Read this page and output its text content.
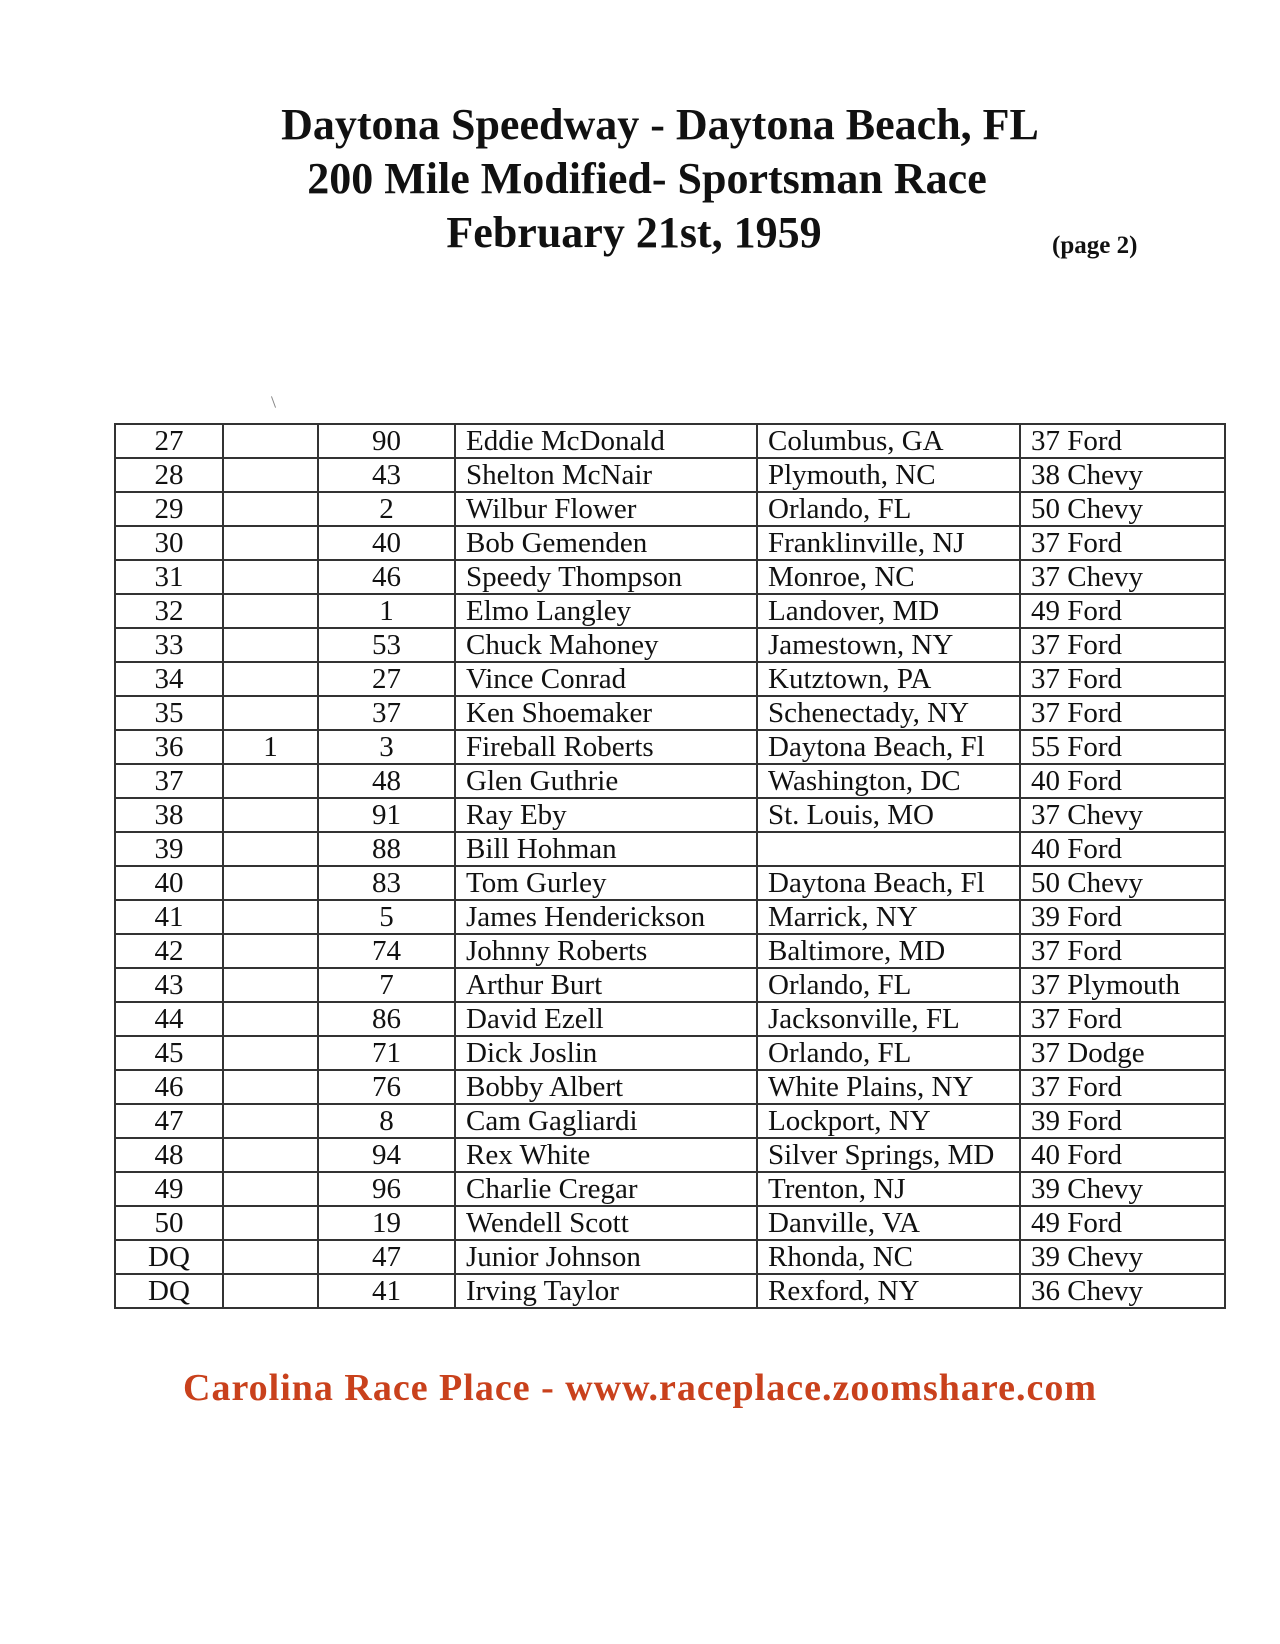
Daytona Speedway - Daytona Beach, FL
200 Mile Modified- Sportsman Race
February 21st, 1959	(page 2)
27		90	Eddie McDonald	Columbus, GA	37 Ford
28		43	Shelton McNair	Plymouth, NC	38 Chevy
29		2	Wilbur Flower	Orlando, FL	50 Chevy
30		40	Bob Gemenden	Franklinville, NJ	37 Ford
31		46	Speedy Thompson	Monroe, NC	37 Chevy
32		1	Elmo Langley	Landover, MD	49 Ford
33		53	Chuck Mahoney	Jamestown, NY	37 Ford
34		27	Vince Conrad	Kutztown, PA	37 Ford
35		37	Ken Shoemaker	Schenectady, NY	37 Ford
36	1	3	Fireball Roberts	Daytona Beach, Fl	55 Ford
37		48	Glen Guthrie	Washington, DC	40 Ford
38		91	Ray Eby	St. Louis, MO	37 Chevy
39		88	Bill Hohman		40 Ford
40		83	Tom Gurley	Daytona Beach, Fl	50 Chevy
41		5	James Henderickson	Marrick, NY	39 Ford
42		74	Johnny Roberts	Baltimore, MD	37 Ford
43		7	Arthur Burt	Orlando, FL	37 Plymouth
44		86	David Ezell	Jacksonville, FL	37 Ford
45		71	Dick Joslin	Orlando, FL	37 Dodge
46		76	Bobby Albert	White Plains, NY	37 Ford
47		8	Cam Gagliardi	Lockport, NY	39 Ford
48		94	Rex White	Silver Springs, MD	40 Ford
49		96	Charlie Cregar	Trenton, NJ	39 Chevy
50		19	Wendell Scott	Danville, VA	49 Ford
DQ		47	Junior Johnson	Rhonda, NC	39 Chevy
DQ		41	Irving Taylor	Rexford, NY	36 Chevy
Carolina Race Place - www.raceplace.zoomshare.com
